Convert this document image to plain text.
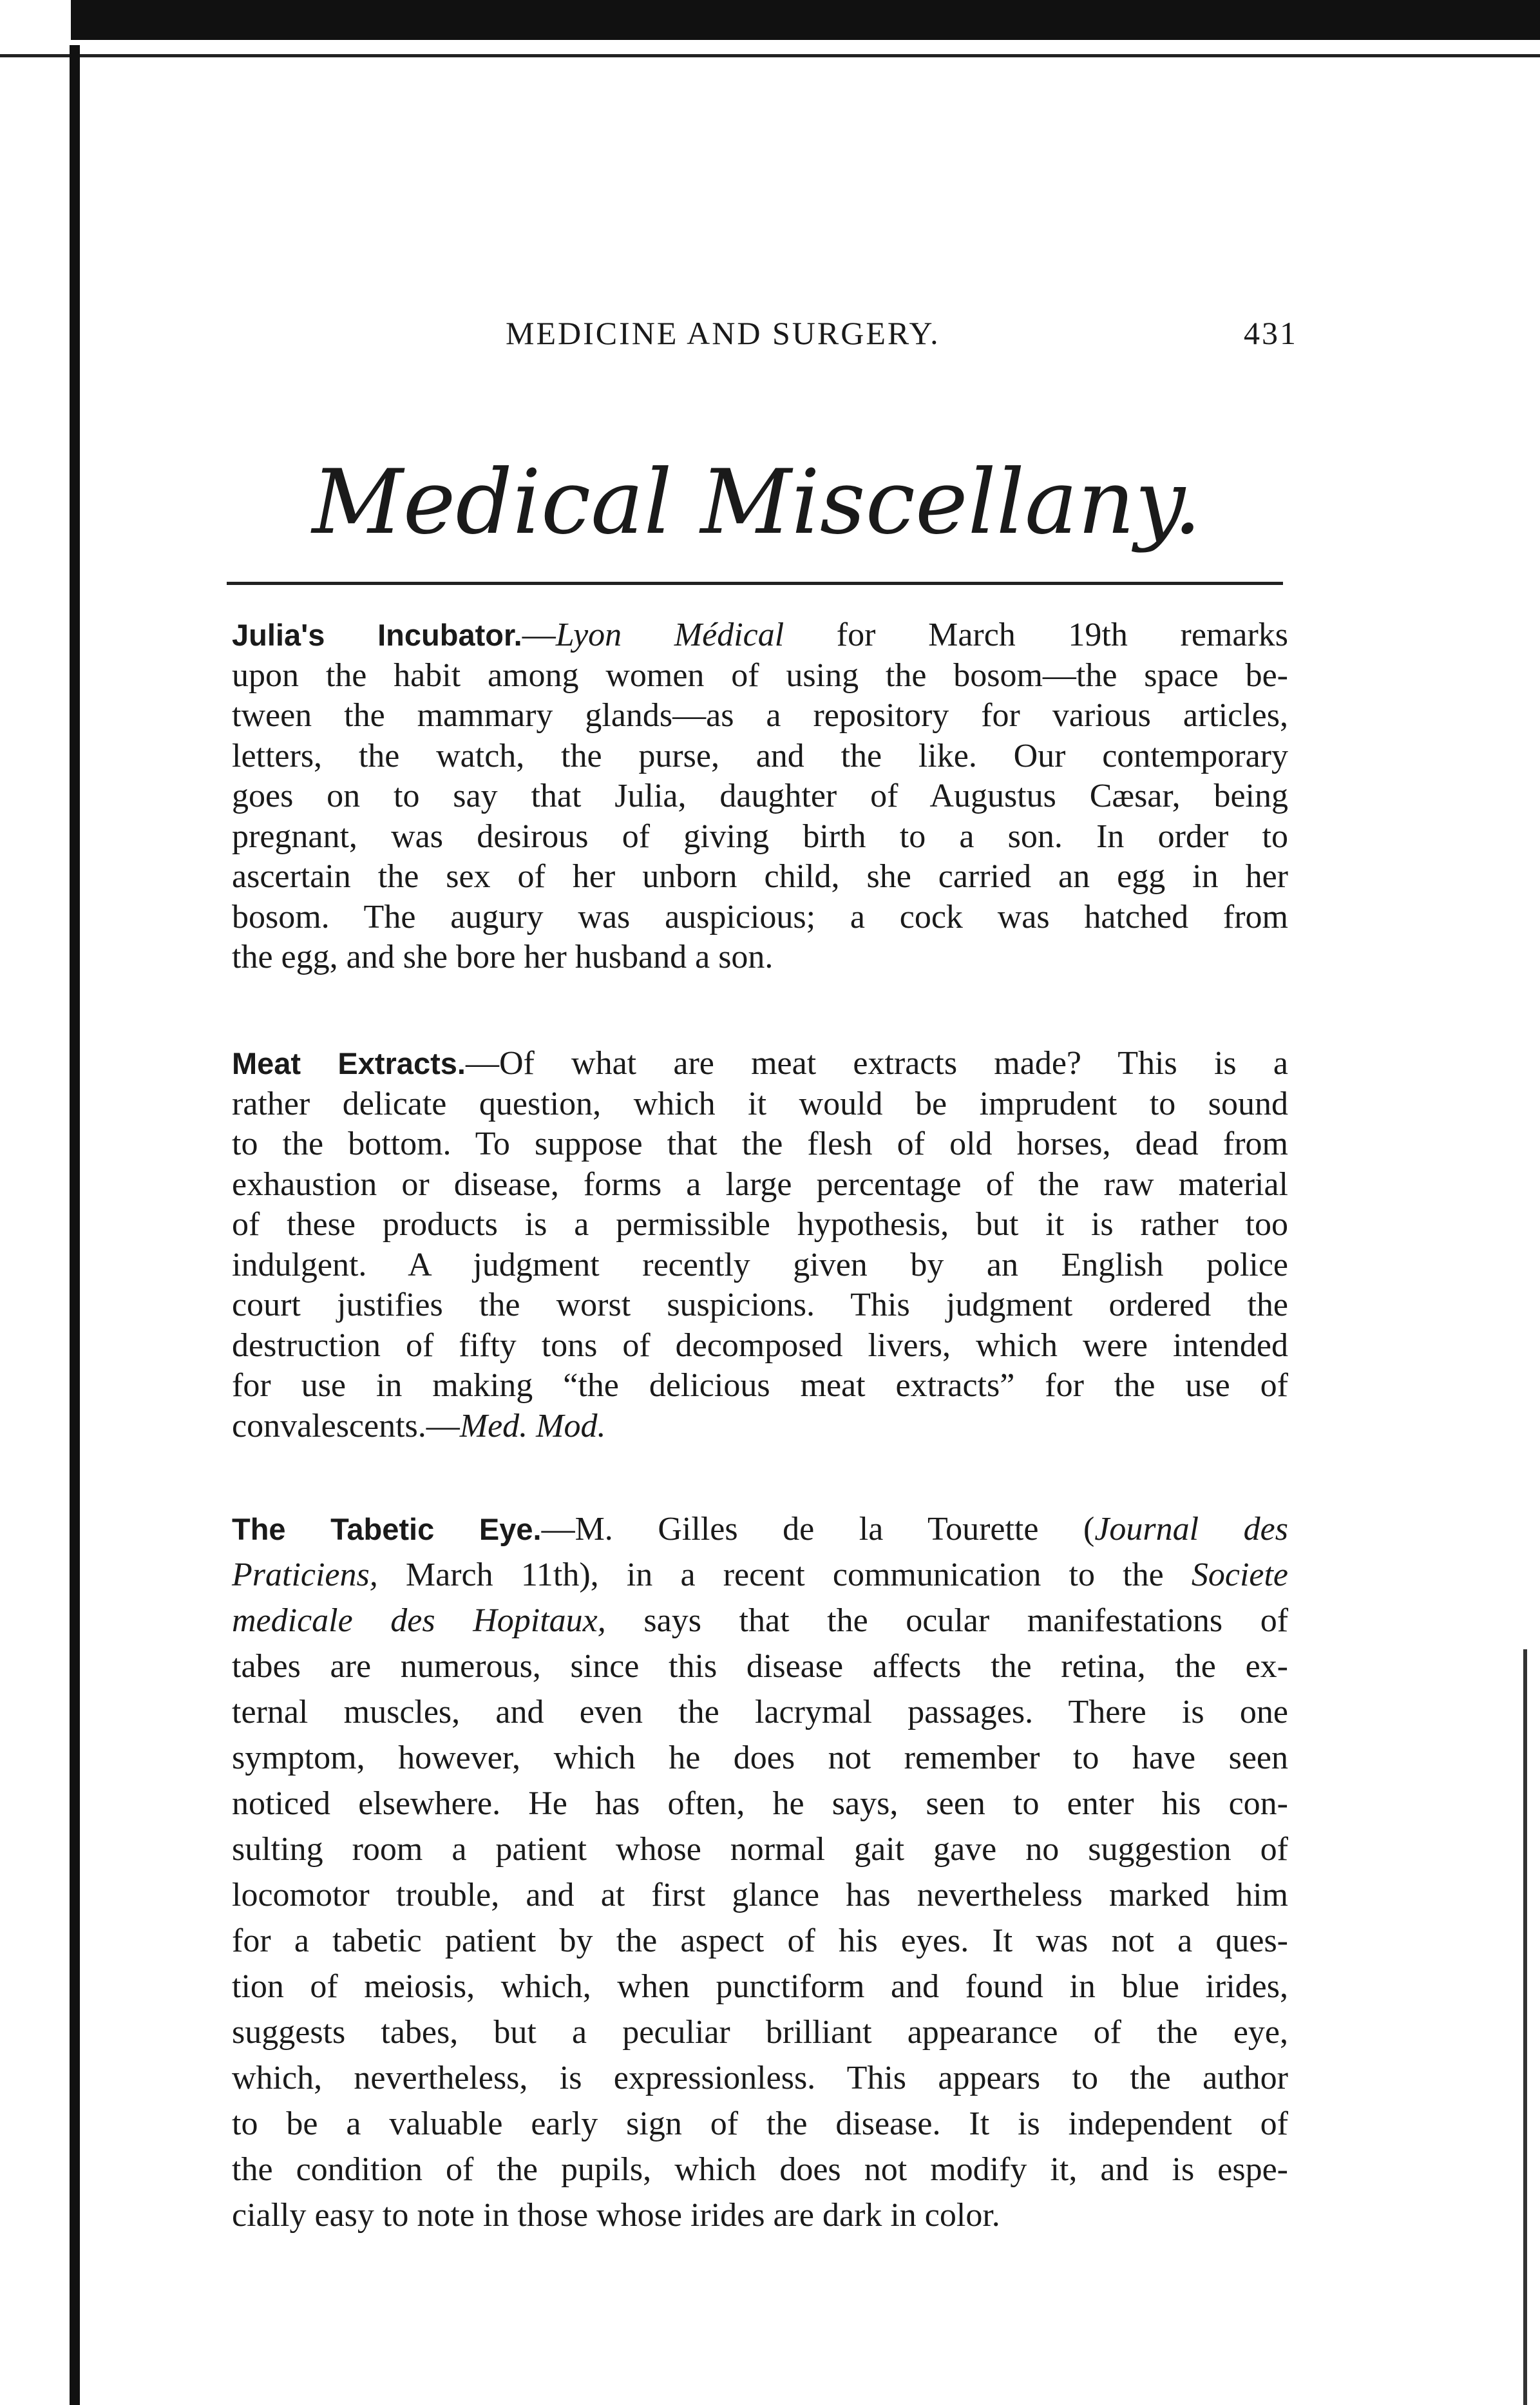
MEDICINE AND SURGERY.	431
Medical Miscellany.
Julia's Incubator.—Lyon Médical for March 19th remarks
upon the habit among women of using the bosom—the space be-
tween the mammary glands—as a repository for various articles,
letters, the watch, the purse, and the like. Our contemporary
goes on to say that Julia, daughter of Augustus Cæsar, being
pregnant, was desirous of giving birth to a son. In order to
ascertain the sex of her unborn child, she carried an egg in her
bosom. The augury was auspicious; a cock was hatched from
the egg, and she bore her husband a son.
Meat Extracts.—Of what are meat extracts made? This is a
rather delicate question, which it would be imprudent to sound
to the bottom. To suppose that the flesh of old horses, dead from
exhaustion or disease, forms a large percentage of the raw material
of these products is a permissible hypothesis, but it is rather too
indulgent. A judgment recently given by an English police
court justifies the worst suspicions. This judgment ordered the
destruction of fifty tons of decomposed livers, which were intended
for use in making “the delicious meat extracts” for the use of
convalescents.—Med. Mod.
The Tabetic Eye.—M. Gilles de la Tourette (Journal des
Praticiens, March 11th), in a recent communication to the Societe
medicale des Hopitaux, says that the ocular manifestations of
tabes are numerous, since this disease affects the retina, the ex-
ternal muscles, and even the lacrymal passages. There is one
symptom, however, which he does not remember to have seen
noticed elsewhere. He has often, he says, seen to enter his con-
sulting room a patient whose normal gait gave no suggestion of
locomotor trouble, and at first glance has nevertheless marked him
for a tabetic patient by the aspect of his eyes. It was not a ques-
tion of meiosis, which, when punctiform and found in blue irides,
suggests tabes, but a peculiar brilliant appearance of the eye,
which, nevertheless, is expressionless. This appears to the author
to be a valuable early sign of the disease. It is independent of
the condition of the pupils, which does not modify it, and is espe-
cially easy to note in those whose irides are dark in color.
